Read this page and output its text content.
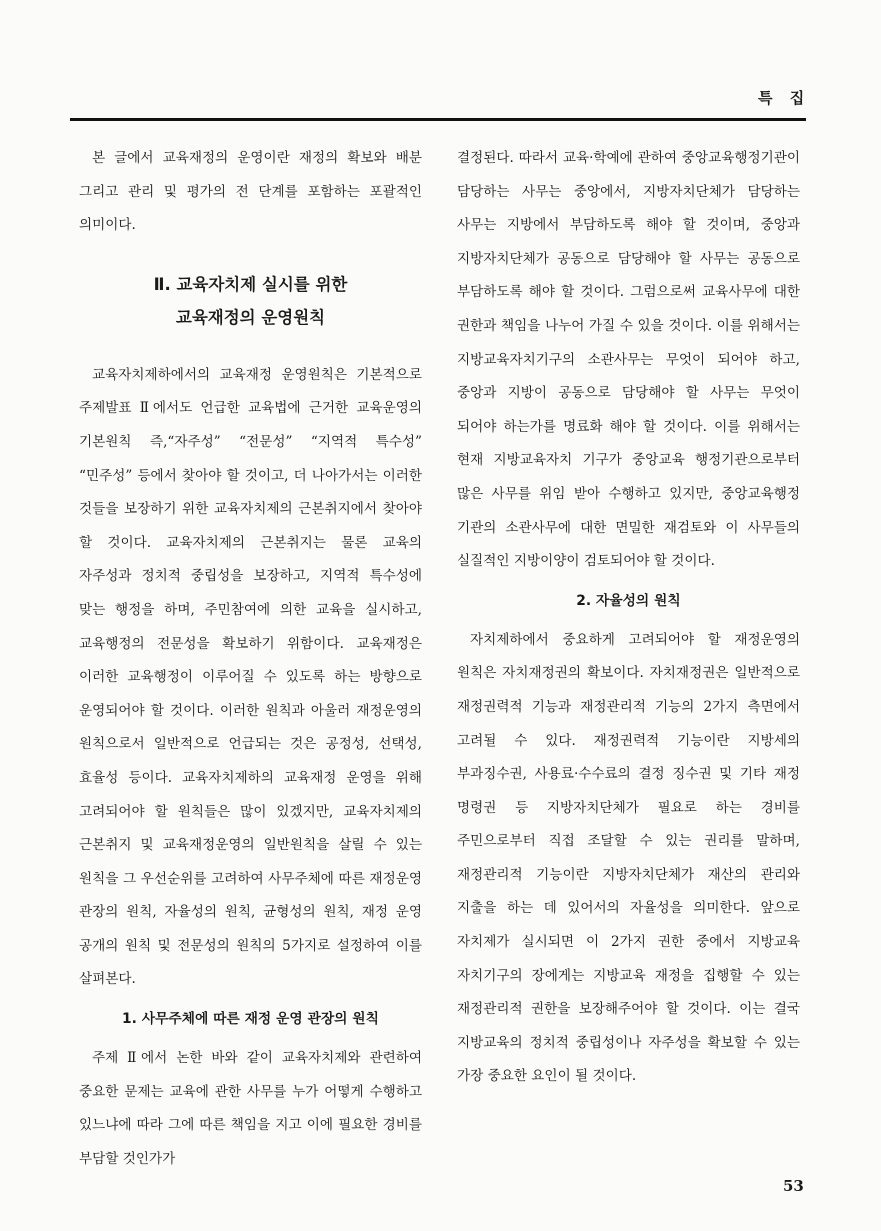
특 집

본 글에서 교육재정의 운영이란 재정의 확보와 배분 그리고 관리 및 평가의 전 단계를 포함하는 포괄적인 의미이다.

Ⅱ. 교육자치제 실시를 위한
교육재정의 운영원칙

교육자치제하에서의 교육재정 운영원칙은 기본적으로 주제발표 Ⅱ에서도 언급한 교육법에 근거한 교육운영의 기본원칙 즉,“자주성” “전문성” “지역적 특수성” “민주성” 등에서 찾아야 할 것이고, 더 나아가서는 이러한 것들을 보장하기 위한 교육자치제의 근본취지에서 찾아야 할 것이다. 교육자치제의 근본취지는 물론 교육의 자주성과 정치적 중립성을 보장하고, 지역적 특수성에 맞는 행정을 하며, 주민참여에 의한 교육을 실시하고, 교육행정의 전문성을 확보하기 위함이다. 교육재정은 이러한 교육행정이 이루어질 수 있도록 하는 방향으로 운영되어야 할 것이다. 이러한 원칙과 아울러 재정운영의 원칙으로서 일반적으로 언급되는 것은 공정성, 선택성, 효율성 등이다. 교육자치제하의 교육재정 운영을 위해 고려되어야 할 원칙들은 많이 있겠지만, 교육자치제의 근본취지 및 교육재정운영의 일반원칙을 살릴 수 있는 원칙을 그 우선순위를 고려하여 사무주체에 따른 재정운영 관장의 원칙, 자율성의 원칙, 균형성의 원칙, 재정 운영 공개의 원칙 및 전문성의 원칙의 5가지로 설정하여 이를 살펴본다.

1. 사무주체에 따른 재정 운영 관장의 원칙

주제 Ⅱ에서 논한 바와 같이 교육자치제와 관련하여 중요한 문제는 교육에 관한 사무를 누가 어떻게 수행하고 있느냐에 따라 그에 따른 책임을 지고 이에 필요한 경비를 부담할 것인가가

결정된다. 따라서 교육·학예에 관하여 중앙교육행정기관이 담당하는 사무는 중앙에서, 지방자치단체가 담당하는 사무는 지방에서 부담하도록 해야 할 것이며, 중앙과 지방자치단체가 공동으로 담당해야 할 사무는 공동으로 부담하도록 해야 할 것이다. 그럼으로써 교육사무에 대한 권한과 책임을 나누어 가질 수 있을 것이다. 이를 위해서는 지방교육자치기구의 소관사무는 무엇이 되어야 하고, 중앙과 지방이 공동으로 담당해야 할 사무는 무엇이 되어야 하는가를 명료화 해야 할 것이다. 이를 위해서는 현재 지방교육자치 기구가 중앙교육 행정기관으로부터 많은 사무를 위임 받아 수행하고 있지만, 중앙교육행정 기관의 소관사무에 대한 면밀한 재검토와 이 사무들의 실질적인 지방이양이 검토되어야 할 것이다.

2. 자율성의 원칙

자치제하에서 중요하게 고려되어야 할 재정운영의 원칙은 자치재정권의 확보이다. 자치재정권은 일반적으로 재정권력적 기능과 재정관리적 기능의 2가지 측면에서 고려될 수 있다. 재정권력적 기능이란 지방세의 부과징수권, 사용료·수수료의 결정 징수권 및 기타 재정 명령권 등 지방자치단체가 필요로 하는 경비를 주민으로부터 직접 조달할 수 있는 권리를 말하며, 재정관리적 기능이란 지방자치단체가 재산의 관리와 지출을 하는 데 있어서의 자율성을 의미한다. 앞으로 자치제가 실시되면 이 2가지 권한 중에서 지방교육 자치기구의 장에게는 지방교육 재정을 집행할 수 있는 재정관리적 권한을 보장해주어야 할 것이다. 이는 결국 지방교육의 정치적 중립성이나 자주성을 확보할 수 있는 가장 중요한 요인이 될 것이다.

53
